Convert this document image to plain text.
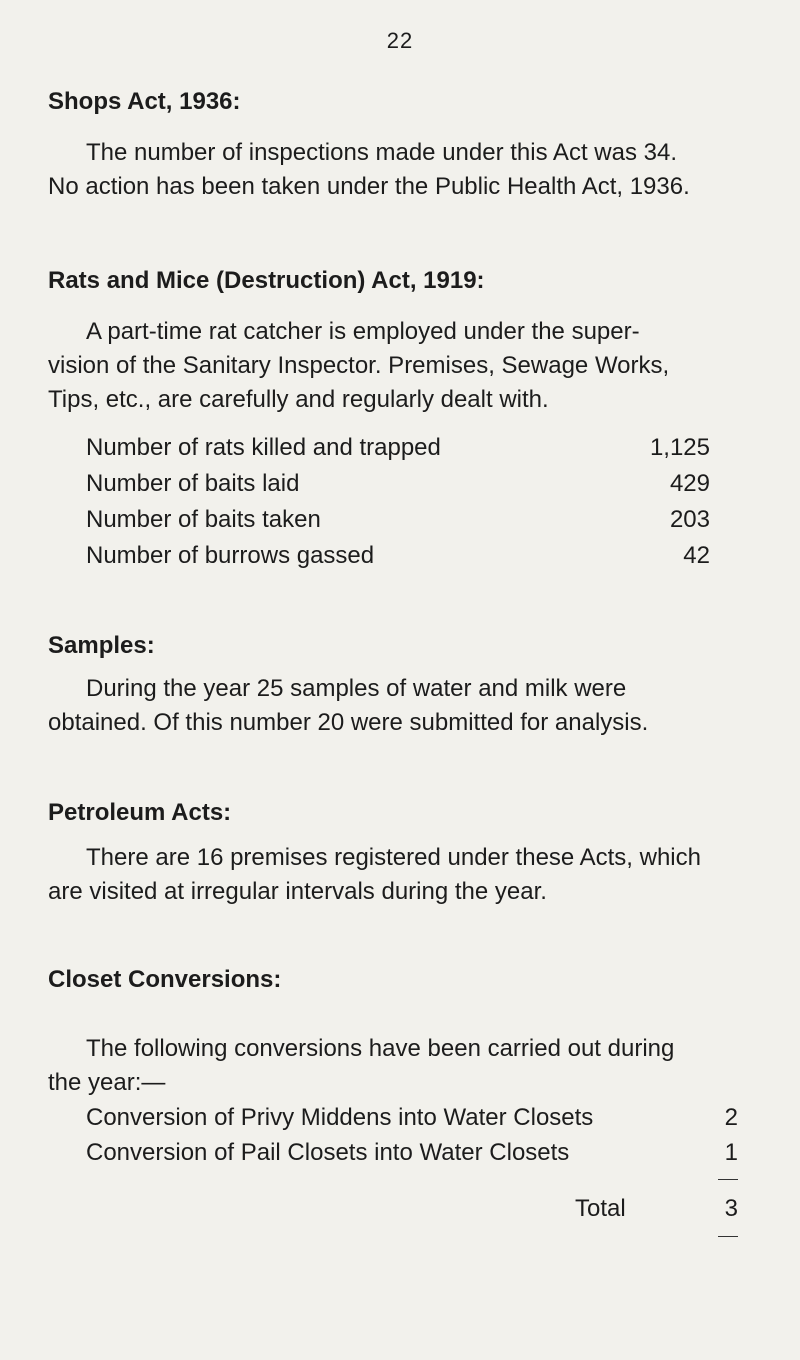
22
Shops Act, 1936:

The number of inspections made under this Act was 34.

No action has been taken under the Public Health Act, 1936.

Rats and Mice (Destruction) Act, 1919:

A part-time rat catcher is employed under the super-

vision of the Sanitary Inspector. Premises, Sewage Works,

Tips, etc., are carefully and regularly dealt with.

Number of rats killed and trapped	1,125
Number of baits laid	429
Number of baits taken	203
Number of burrows gassed	42
Samples:

During the year 25 samples of water and milk were

obtained. Of this number 20 were submitted for analysis.

Petroleum Acts:

There are 16 premises registered under these Acts, which

are visited at irregular intervals during the year.

Closet Conversions:

The following conversions have been carried out during

the year:—

Conversion of Privy Middens into Water Closets	2
Conversion of Pail Closets into Water Closets	1
Total	3
